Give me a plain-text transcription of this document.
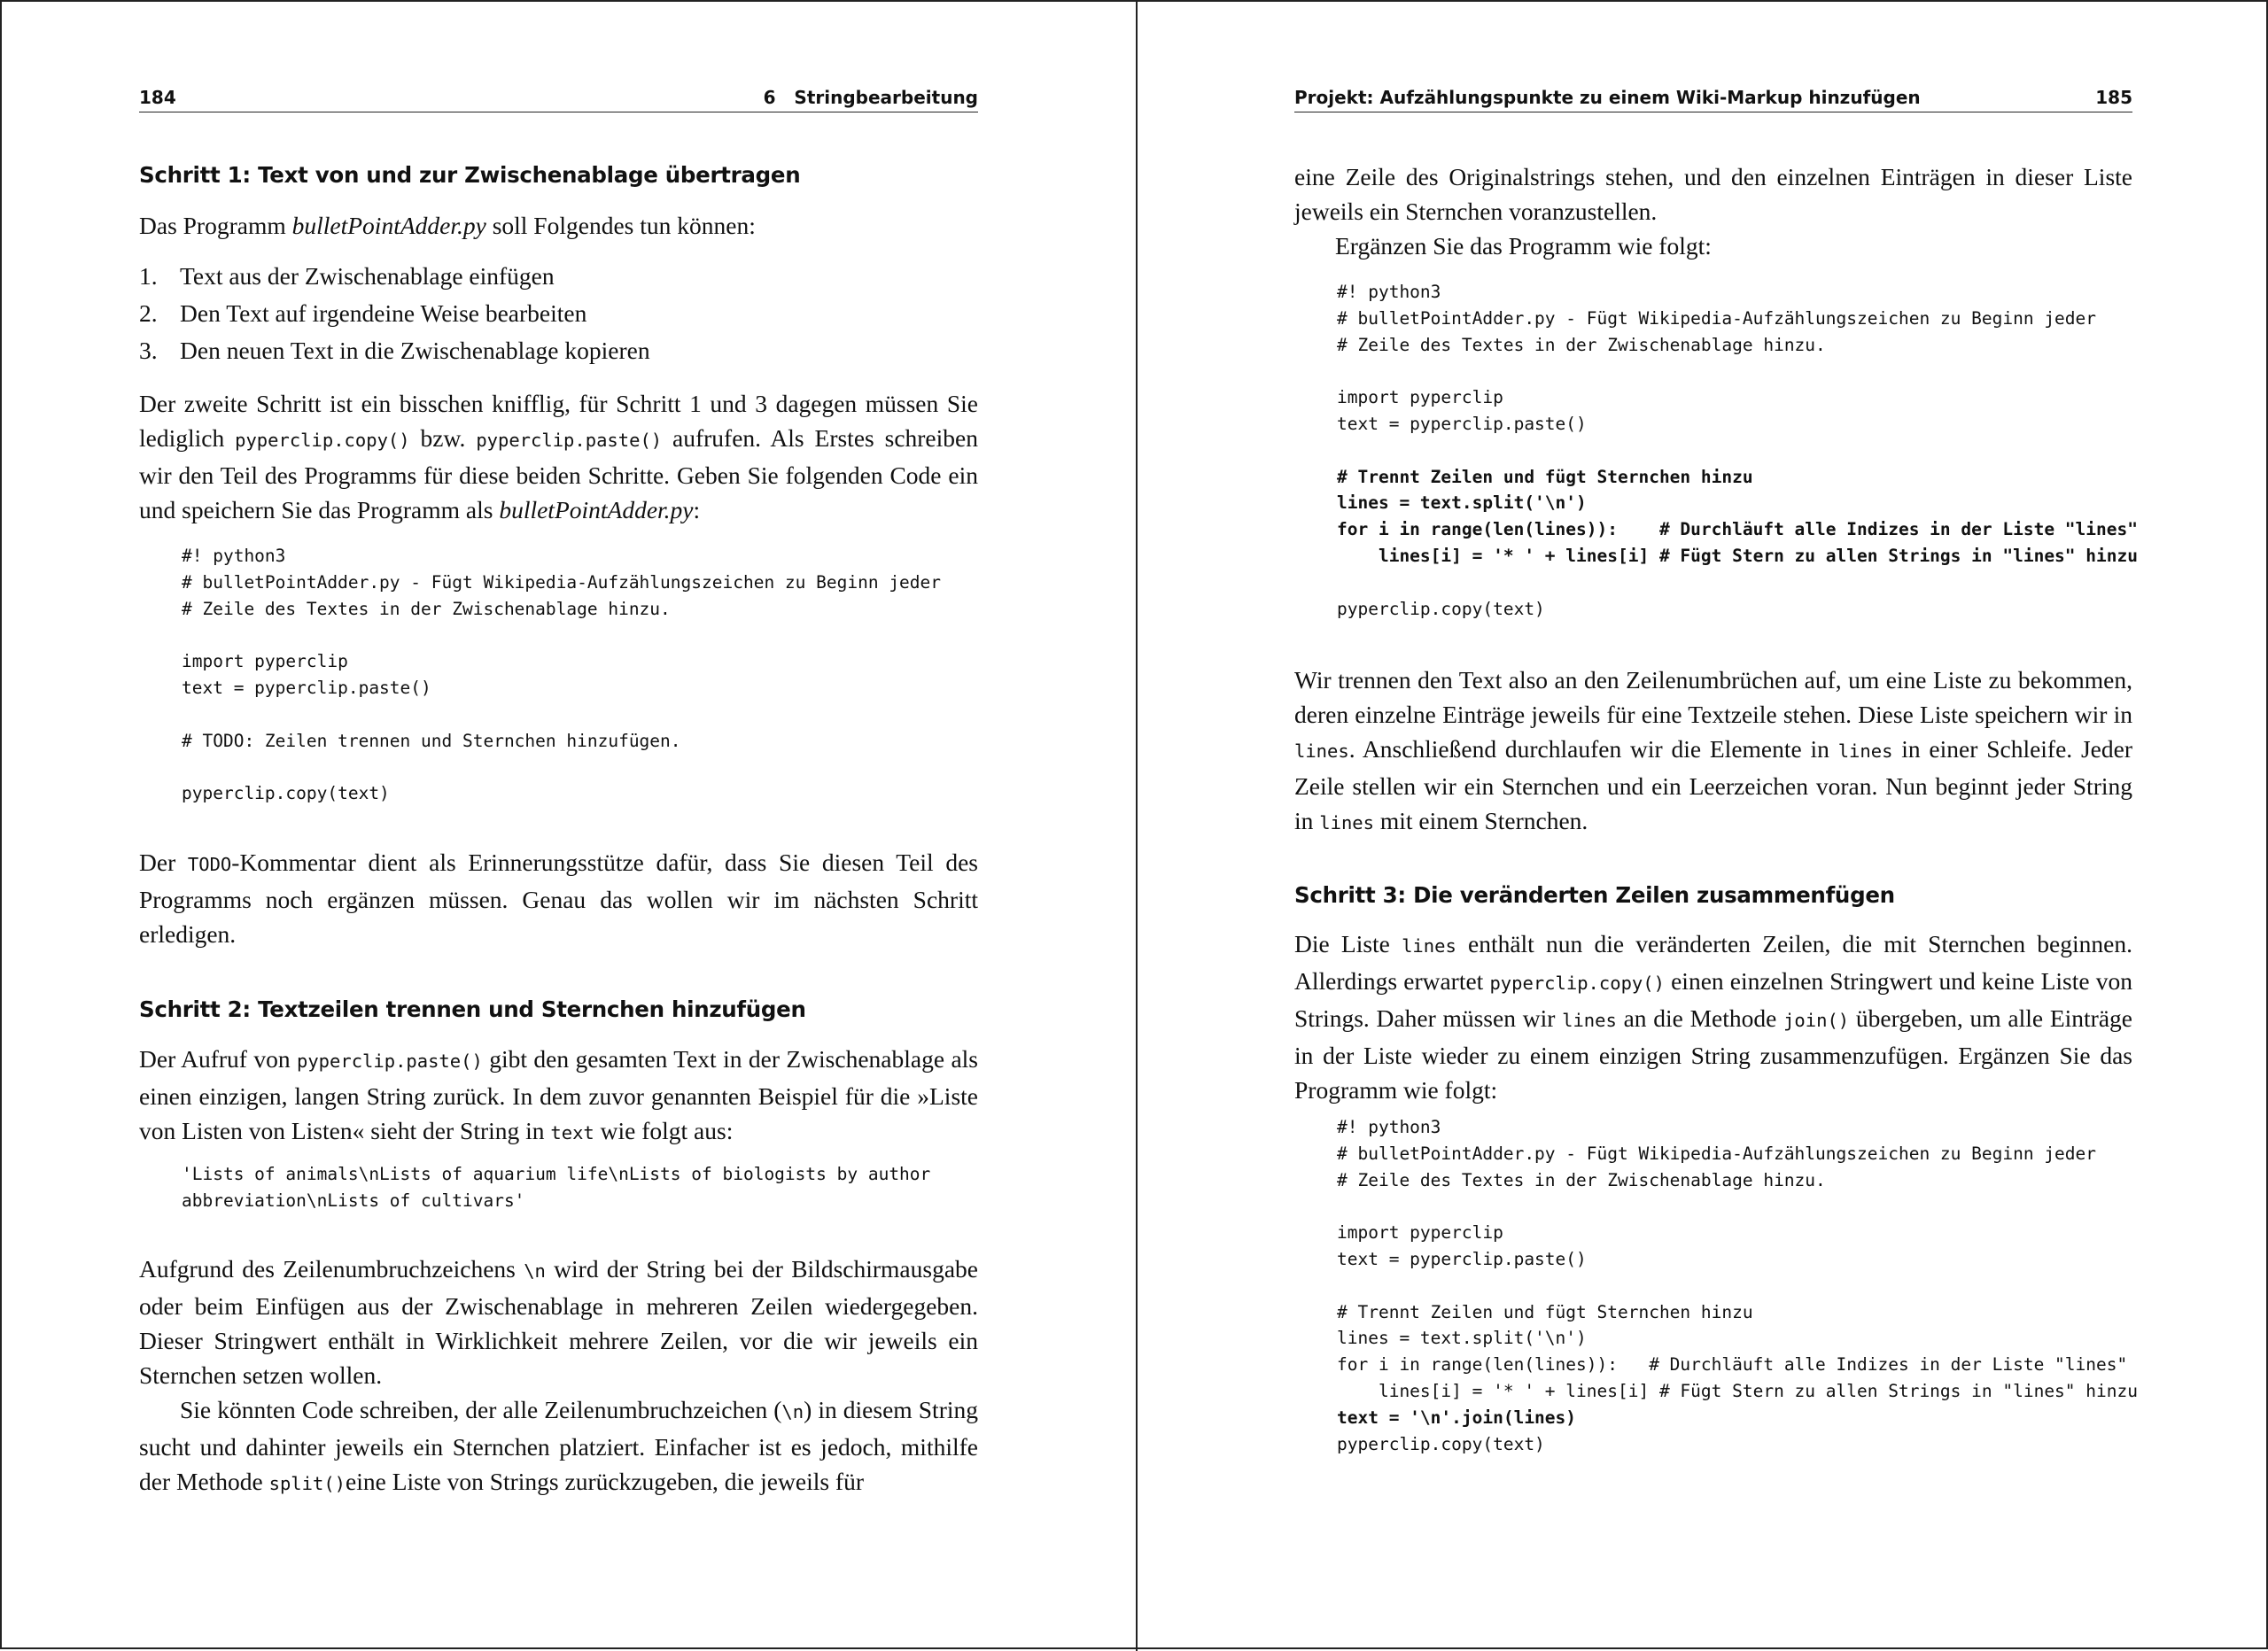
184	6   Stringbearbeitung
Schritt 1: Text von und zur Zwischenablage übertragen

Das Programm bulletPointAdder.py soll Folgendes tun können:

1. Text aus der Zwischenablage einfügen
2. Den Text auf irgendeine Weise bearbeiten
3. Den neuen Text in die Zwischenablage kopieren

Der zweite Schritt ist ein bisschen knifflig, für Schritt 1 und 3 dagegen müssen Sie lediglich pyperclip.copy() bzw. pyperclip.paste() aufrufen. Als Erstes schreiben wir den Teil des Programms für diese beiden Schritte. Geben Sie folgenden Code ein und speichern Sie das Programm als bulletPointAdder.py:

#! python3
# bulletPointAdder.py - Fügt Wikipedia-Aufzählungszeichen zu Beginn jeder
# Zeile des Textes in der Zwischenablage hinzu.

import pyperclip
text = pyperclip.paste()

# TODO: Zeilen trennen und Sternchen hinzufügen.

pyperclip.copy(text)

Der TODO-Kommentar dient als Erinnerungsstütze dafür, dass Sie diesen Teil des Programms noch ergänzen müssen. Genau das wollen wir im nächsten Schritt erledigen.

Schritt 2: Textzeilen trennen und Sternchen hinzufügen

Der Aufruf von pyperclip.paste() gibt den gesamten Text in der Zwischenablage als einen einzigen, langen String zurück. In dem zuvor genannten Beispiel für die »Liste von Listen von Listen« sieht der String in text wie folgt aus:

'Lists of animals\nLists of aquarium life\nLists of biologists by author
abbreviation\nLists of cultivars'

Aufgrund des Zeilenumbruchzeichens \n wird der String bei der Bildschirmausgabe oder beim Einfügen aus der Zwischenablage in mehreren Zeilen wiedergegeben. Dieser Stringwert enthält in Wirklichkeit mehrere Zeilen, vor die wir jeweils ein Sternchen setzen wollen.

Sie könnten Code schreiben, der alle Zeilenumbruchzeichen (\n) in diesem String sucht und dahinter jeweils ein Sternchen platziert. Einfacher ist es jedoch, mithilfe der Methode split()eine Liste von Strings zurückzugeben, die jeweils für

Projekt: Aufzählungspunkte zu einem Wiki-Markup hinzufügen	185

eine Zeile des Originalstrings stehen, und den einzelnen Einträgen in dieser Liste jeweils ein Sternchen voranzustellen.

Ergänzen Sie das Programm wie folgt:

#! python3
# bulletPointAdder.py - Fügt Wikipedia-Aufzählungszeichen zu Beginn jeder
# Zeile des Textes in der Zwischenablage hinzu.

import pyperclip
text = pyperclip.paste()

# Trennt Zeilen und fügt Sternchen hinzu
lines = text.split('\n')
for i in range(len(lines)):    # Durchläuft alle Indizes in der Liste "lines"
lines[i] = '* ' + lines[i] # Fügt Stern zu allen Strings in "lines" hinzu

pyperclip.copy(text)

Wir trennen den Text also an den Zeilenumbrüchen auf, um eine Liste zu bekommen, deren einzelne Einträge jeweils für eine Textzeile stehen. Diese Liste speichern wir in lines. Anschließend durchlaufen wir die Elemente in lines in einer Schleife. Jeder Zeile stellen wir ein Sternchen und ein Leerzeichen voran. Nun beginnt jeder String in lines mit einem Sternchen.

Schritt 3: Die veränderten Zeilen zusammenfügen

Die Liste lines enthält nun die veränderten Zeilen, die mit Sternchen beginnen. Allerdings erwartet pyperclip.copy() einen einzelnen Stringwert und keine Liste von Strings. Daher müssen wir lines an die Methode join() übergeben, um alle Einträge in der Liste wieder zu einem einzigen String zusammenzufügen. Ergänzen Sie das Programm wie folgt:

#! python3
# bulletPointAdder.py - Fügt Wikipedia-Aufzählungszeichen zu Beginn jeder
# Zeile des Textes in der Zwischenablage hinzu.

import pyperclip
text = pyperclip.paste()

# Trennt Zeilen und fügt Sternchen hinzu
lines = text.split('\n')
for i in range(len(lines)):   # Durchläuft alle Indizes in der Liste "lines"
lines[i] = '* ' + lines[i] # Fügt Stern zu allen Strings in "lines" hinzu
text = '\n'.join(lines)
pyperclip.copy(text)
